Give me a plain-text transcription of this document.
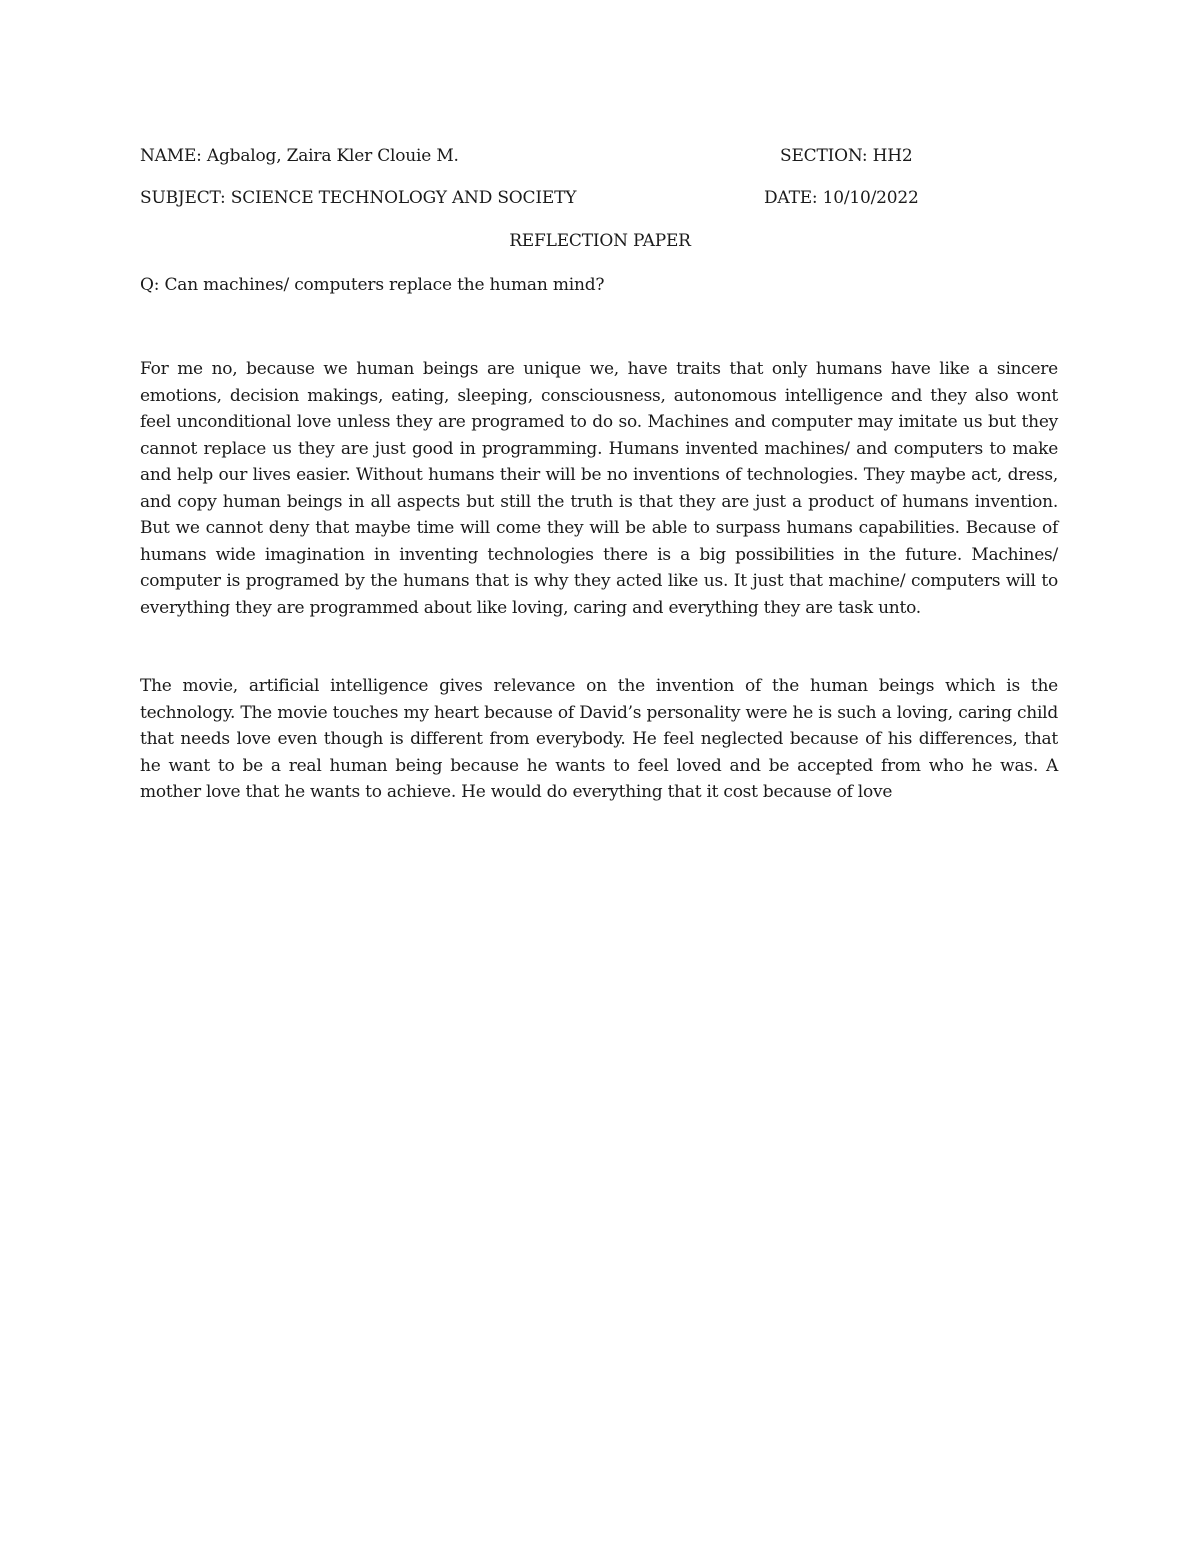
NAME: Agbalog, Zaira Kler Clouie M.	SECTION: HH2
SUBJECT: SCIENCE TECHNOLOGY AND SOCIETY	DATE: 10/10/2022
REFLECTION PAPER
Q: Can machines/ computers replace the human mind?

For me no, because we human beings are unique we, have traits that only humans have like a sincere emotions, decision makings, eating, sleeping, consciousness, autonomous intelligence and they also wont feel unconditional love unless they are programed to do so. Machines and computer may imitate us but they cannot replace us they are just good in programming. Humans invented machines/ and computers to make and help our lives easier. Without humans their will be no inventions of technologies. They maybe act, dress, and copy human beings in all aspects but still the truth is that they are just a product of humans invention. But we cannot deny that maybe time will come they will be able to surpass humans capabilities. Because of humans wide imagination in inventing technologies there is a big possibilities in the future. Machines/ computer is programed by the humans that is why they acted like us. It just that machine/ computers will to everything they are programmed about like loving, caring and everything they are task unto.

The movie, artificial intelligence gives relevance on the invention of the human beings which is the technology. The movie touches my heart because of David’s personality were he is such a loving, caring child that needs love even though is different from everybody. He feel neglected because of his differences, that he want to be a real human being because he wants to feel loved and be accepted from who he was. A mother love that he wants to achieve. He would do everything that it cost because of love
